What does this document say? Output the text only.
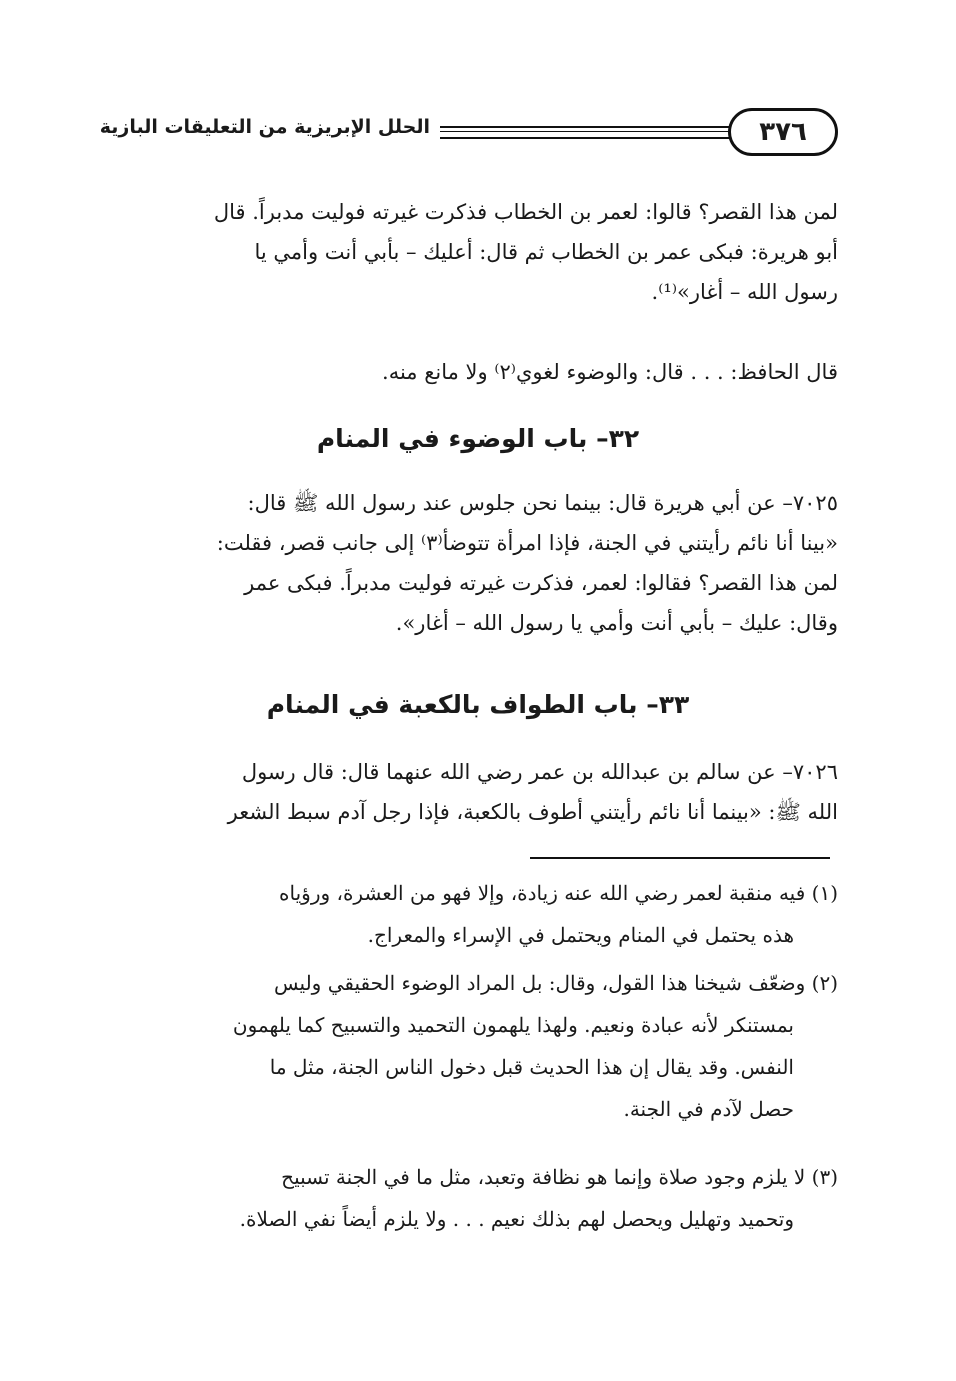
٣٧٦
الحلل الإبريزية من التعليقات البازية
لمن هذا القصر؟ قالوا: لعمر بن الخطاب فذكرت غيرته فوليت مدبراً. قال
أبو هريرة: فبكى عمر بن الخطاب ثم قال: أعليك – بأبي أنت وأمي يا
رسول الله – أغار»⁽¹⁾.
قال الحافظ: . . . قال: والوضوء لغوي⁽٢⁾ ولا مانع منه.
٣٢– باب الوضوء في المنام
٧٠٢٥– عن أبي هريرة قال: بينما نحن جلوس عند رسول الله ﷺ قال:
«بينا أنا نائم رأيتني في الجنة، فإذا امرأة تتوضأ⁽٣⁾ إلى جانب قصر، فقلت:
لمن هذا القصر؟ فقالوا: لعمر، فذكرت غيرته فوليت مدبراً. فبكى عمر
وقال: عليك – بأبي أنت وأمي يا رسول الله – أغار».
٣٣– باب الطواف بالكعبة في المنام
٧٠٢٦– عن سالم بن عبدالله بن عمر رضي الله عنهما قال: قال رسول
الله ﷺ: «بينما أنا نائم رأيتني أطوف بالكعبة، فإذا رجل آدم سبط الشعر
(١) فيه منقبة لعمر رضي الله عنه زيادة، وإلا فهو من العشرة، ورؤياه
هذه يحتمل في المنام ويحتمل في الإسراء والمعراج.
(٢) وضعّف شيخنا هذا القول، وقال: بل المراد الوضوء الحقيقي وليس
بمستنكر لأنه عبادة ونعيم. ولهذا يلهمون التحميد والتسبيح كما يلهمون
النفس. وقد يقال إن هذا الحديث قبل دخول الناس الجنة، مثل ما
حصل لآدم في الجنة.
(٣) لا يلزم وجود صلاة وإنما هو نظافة وتعبد، مثل ما في الجنة تسبيح
وتحميد وتهليل ويحصل لهم بذلك نعيم . . . ولا يلزم أيضاً نفي الصلاة.
